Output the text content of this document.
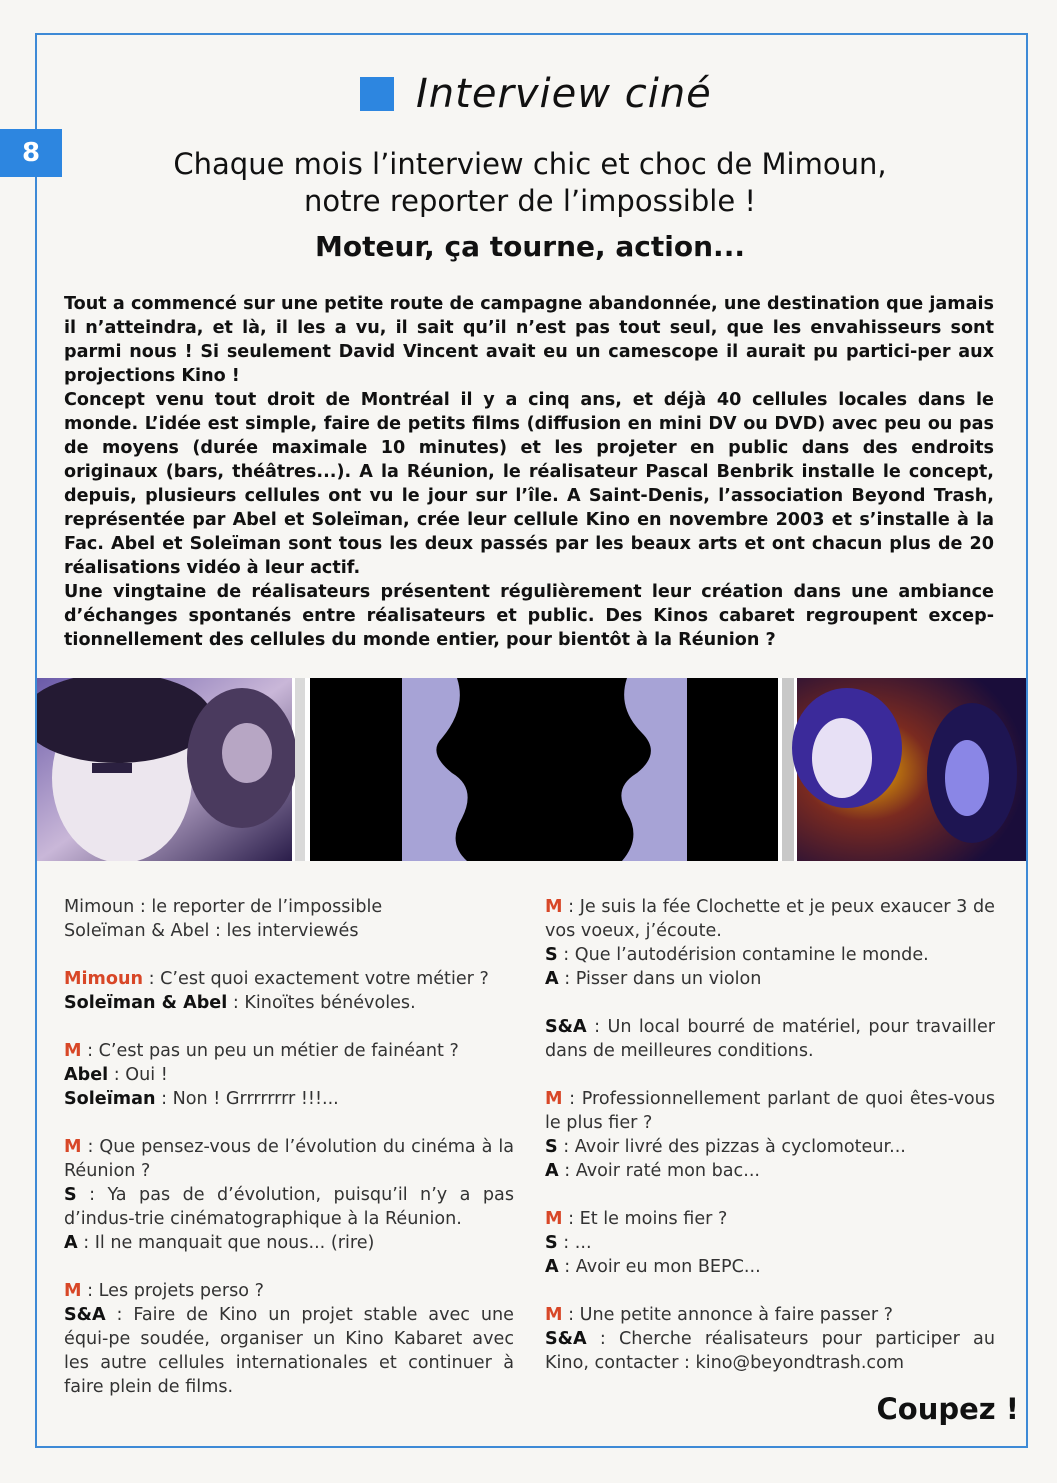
8
Interview ciné
Chaque mois l’interview chic et choc de Mimoun,
notre reporter de l’impossible !
Moteur, ça tourne, action...

Tout a commencé sur une petite route de campagne abandonnée, une destination que jamais il n’atteindra, et là, il les a vu, il sait qu’il n’est pas tout seul, que les envahisseurs sont parmi nous ! Si seulement David Vincent avait eu un camescope il aurait pu partici-per aux projections Kino !

Concept venu tout droit de Montréal il y a cinq ans, et déjà 40 cellules locales dans le monde. L’idée est simple, faire de petits films (diffusion en mini DV ou DVD) avec peu ou pas de moyens (durée maximale 10 minutes) et les projeter en public dans des endroits originaux (bars, théâtres...). A la Réunion, le réalisateur Pascal Benbrik installe le concept, depuis, plusieurs cellules ont vu le jour sur l’île. A Saint-Denis, l’association Beyond Trash, représentée par Abel et Soleïman, crée leur cellule Kino en novembre 2003 et s’installe à la Fac. Abel et Soleïman sont tous les deux passés par les beaux arts et ont chacun plus de 20 réalisations vidéo à leur actif.

Une vingtaine de réalisateurs présentent régulièrement leur création dans une ambiance d’échanges spontanés entre réalisateurs et public. Des Kinos cabaret regroupent excep-tionnellement des cellules du monde entier, pour bientôt à la Réunion ?

Mimoun : le reporter de l’impossible
Soleïman & Abel : les interviewés

Mimoun : C’est quoi exactement votre métier ?
Soleïman & Abel : Kinoïtes bénévoles.

M : C’est pas un peu un métier de fainéant ?
Abel : Oui !
Soleïman : Non ! Grrrrrrrr !!!...

M : Que pensez-vous de l’évolution du cinéma à la Réunion ?
S : Ya pas de d’évolution, puisqu’il n’y a pas d’indus-trie cinématographique à la Réunion.
A : Il ne manquait que nous... (rire)

M : Les projets perso ?
S&A : Faire de Kino un projet stable avec une équi-pe soudée, organiser un Kino Kabaret avec les autre cellules internationales et continuer à faire plein de films.

M : Je suis la fée Clochette et je peux exaucer 3 de vos voeux, j’écoute.
S : Que l’autodérision contamine le monde.
A : Pisser dans un violon

S&A : Un local bourré de matériel, pour travailler dans de meilleures conditions.

M : Professionnellement parlant de quoi êtes-vous le plus fier ?
S : Avoir livré des pizzas à cyclomoteur...
A : Avoir raté mon bac...

M : Et le moins fier ?
S : ...
A : Avoir eu mon BEPC...

M : Une petite annonce à faire passer ?
S&A : Cherche réalisateurs pour participer au Kino, contacter : kino@beyondtrash.com

Coupez !
